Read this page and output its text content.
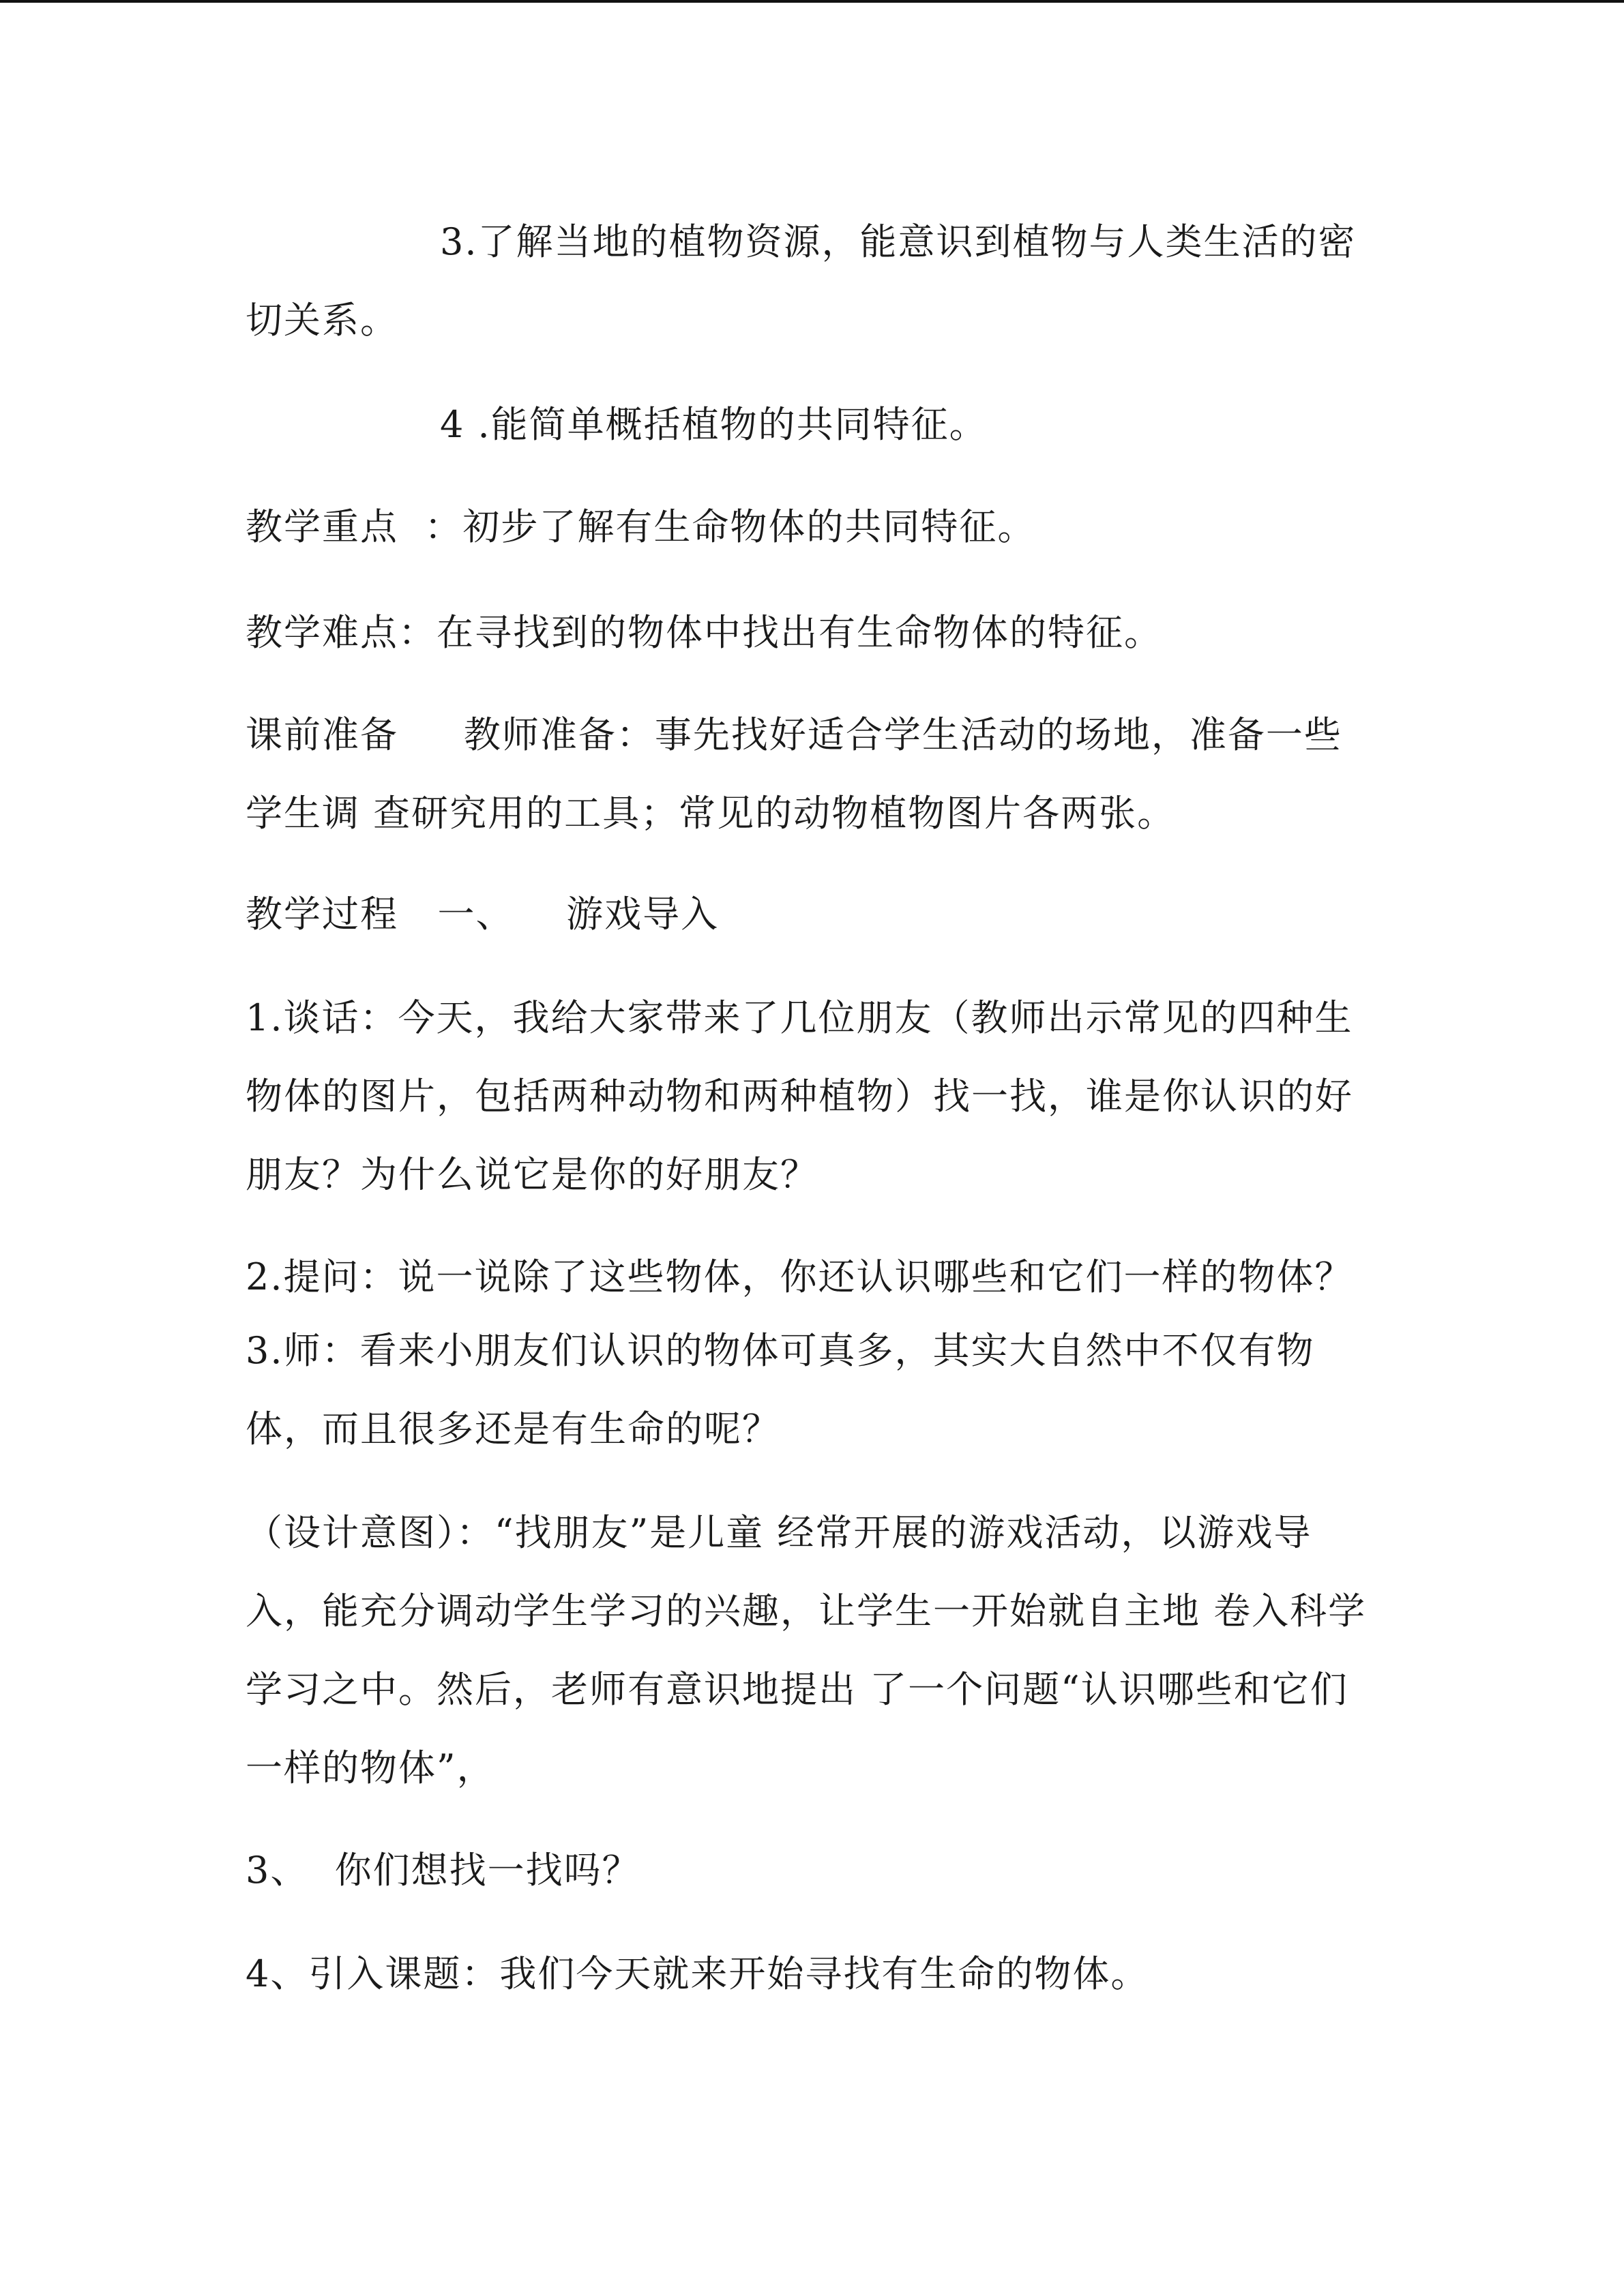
3.了解当地的植物资源，能意识到植物与人类生活的密
切关系。
4 .能简单概括植物的共同特征。
教学重点  ：初步了解有生命物体的共同特征。
教学难点：在寻找到的物体中找出有生命物体的特征。
课前准备     教师准备：事先找好适合学生活动的场地，准备一些
学生调 查研究用的工具；常见的动物植物图片各两张。
教学过程   一、    游戏导入
1.谈话：今天，我给大家带来了几位朋友（教师出示常见的四种生
物体的图片，包括两种动物和两种植物）找一找，谁是你认识的好
朋友？为什么说它是你的好朋友？
2.提问：说一说除了这些物体，你还认识哪些和它们一样的物体？
3.师：看来小朋友们认识的物体可真多，其实大自然中不仅有物
体，而且很多还是有生命的呢？
（设计意图）：“找朋友”是儿童 经常开展的游戏活动，以游戏导
入，能充分调动学生学习的兴趣，让学生一开始就自主地 卷入科学
学习之中。然后，老师有意识地提出 了一个问题“认识哪些和它们
一样的物体”，
3、  你们想找一找吗？
4、引入课题：我们今天就来开始寻找有生命的物体。
